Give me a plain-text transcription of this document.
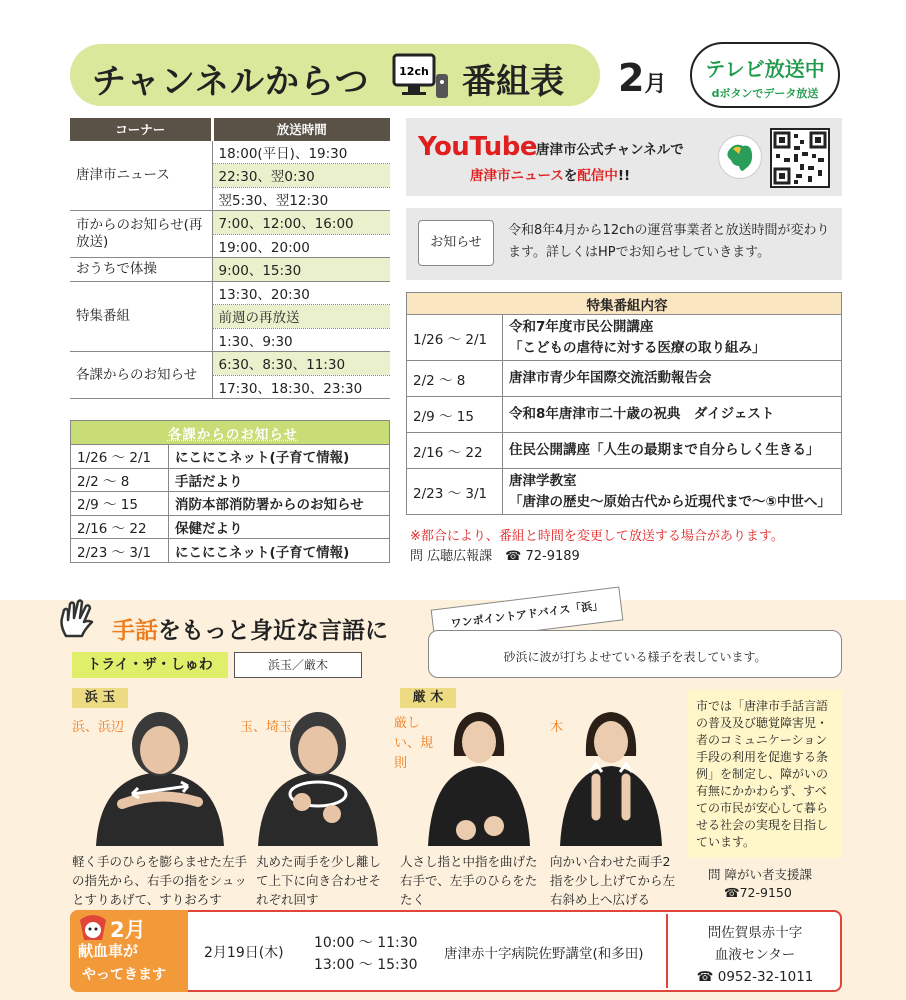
チャンネルからつ	12ch 番組表 2月
テレビ放送中
dボタンでデータ放送
コーナー	放送時間
唐津市ニュース	18:00(平日)、19:30
	22:30、翌0:30
	翌5:30、翌12:30
市からのお知らせ(再放送)	7:00、12:00、16:00
	19:00、20:00
おうちで体操	9:00、15:30
特集番組	13:30、20:30
	前週の再放送
	1:30、9:30
各課からのお知らせ	6:30、8:30、11:30
	17:30、18:30、23:30
各課からのお知らせ	
1/26 ～ 2/1	にこにこネット(子育て情報)
2/2 ～ 8	手話だより
2/9 ～ 15	消防本部消防署からのお知らせ
2/16 ～ 22	保健だより
2/23 ～ 3/1	にこにこネット(子育て情報)
YouTube 唐津市公式チャンネルで
唐津市ニュースを配信中!!
お知らせ
令和8年4月から12chの運営事業者と放送時間が変わります。詳しくはHPでお知らせしていきます。
特集番組内容	
1/26 ～ 2/1	令和7年度市民公開講座
「こどもの虐待に対する医療の取り組み」

2/2 ～ 8	唐津市青少年国際交流活動報告会
2/9 ～ 15	令和8年唐津市二十歳の祝典　ダイジェスト
2/16 ～ 22	住民公開講座「人生の最期まで自分らしく生きる」
2/23 ～ 3/1	唐津学教室
「唐津の歴史～原始古代から近現代まで～⑤中世へ」
※都合により、番組と時間を変更して放送する場合があります。
問 広聴広報課　☎ 72-9189
手話をもっと身近な言語に
トライ・ザ・しゅわ	浜玉／厳木
ワンポイントアドバイス「浜」
砂浜に波が打ちよせている様子を表しています。
浜 玉	厳 木
浜、浜辺	玉、埼玉	厳しい、規則
木
軽く手のひらを膨らませた左手の指先から、右手の指をシュッとすりあげて、すりおろす
丸めた両手を少し離して上下に向き合わせそれぞれ回す
人さし指と中指を曲げた右手で、左手のひらをたたく
向かい合わせた両手2指を少し上げてから左右斜め上へ広げる
市では「唐津市手話言語の普及及び聴覚障害児・者のコミュニケーション手段の利用を促進する条例」を制定し、障がいの有無にかかわらず、すべての市民が安心して暮らせる社会の実現を目指しています。
問 障がい者支援課
☎72-9150
2月
献血車が
やってきます
2月19日(木)
10:00 ～ 11:30
13:00 ～ 15:30
唐津赤十字病院佐野講堂(和多田)
問佐賀県赤十字
血液センター
☎ 0952-32-1011
